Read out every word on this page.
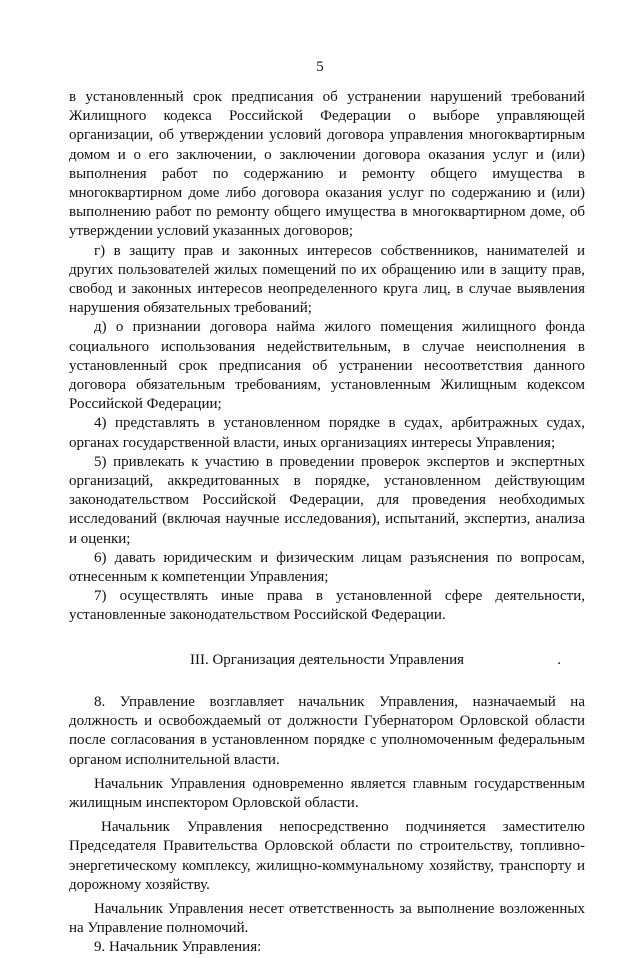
5

в установленный срок предписания об устранении нарушений требований Жилищного кодекса Российской Федерации о выборе управляющей организации, об утверждении условий договора управления многоквартирным домом и о его заключении, о заключении договора оказания услуг и (или) выполнения работ по содержанию и ремонту общего имущества в многоквартирном доме либо договора оказания услуг по содержанию и (или) выполнению работ по ремонту общего имущества в многоквартирном доме, об утверждении условий указанных договоров;

г) в защиту прав и законных интересов собственников, нанимателей и других пользователей жилых помещений по их обращению или в защиту прав, свобод и законных интересов неопределенного круга лиц, в случае выявления нарушения обязательных требований;

д) о признании договора найма жилого помещения жилищного фонда социального использования недействительным, в случае неисполнения в установленный срок предписания об устранении несоответствия данного договора обязательным требованиям, установленным Жилищным кодексом Российской Федерации;

4) представлять в установленном порядке в судах, арбитражных судах, органах государственной власти, иных организациях интересы Управления;

5) привлекать к участию в проведении проверок экспертов и экспертных организаций, аккредитованных в порядке, установленном действующим законодательством Российской Федерации, для проведения необходимых исследований (включая научные исследования), испытаний, экспертиз, анализа и оценки;

6) давать юридическим и физическим лицам разъяснения по вопросам, отнесенным к компетенции Управления;

7) осуществлять иные права в установленной сфере деятельности, установленные законодательством Российской Федерации.

III. Организация деятельности Управления	.

8. Управление возглавляет начальник Управления, назначаемый на должность и освобождаемый от должности Губернатором Орловской области после согласования в установленном порядке с уполномоченным федеральным органом исполнительной власти.

Начальник Управления одновременно является главным государственным жилищным инспектором Орловской области.

Начальник Управления непосредственно подчиняется заместителю Председателя Правительства Орловской области по строительству, топливно-энергетическому комплексу, жилищно-коммунальному хозяйству, транспорту и дорожному хозяйству.

Начальник Управления несет ответственность за выполнение возложенных на Управление полномочий.

9. Начальник Управления:
